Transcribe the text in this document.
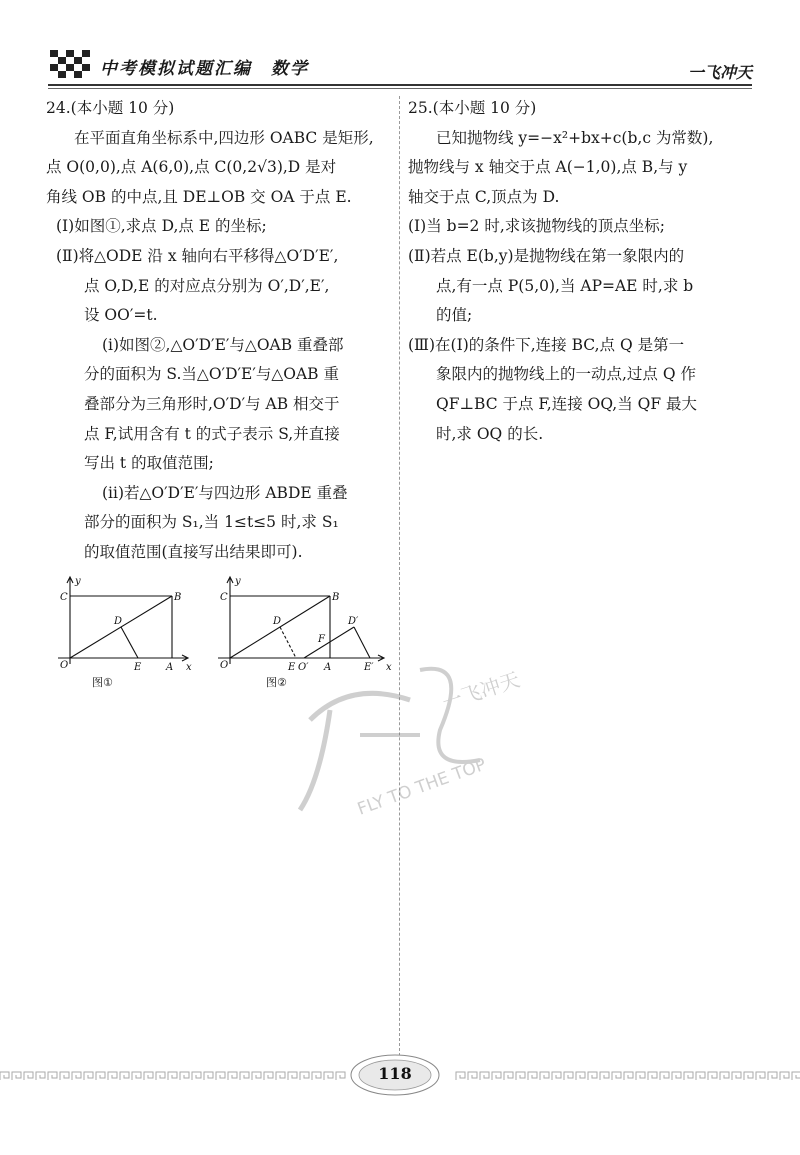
中考模拟试题汇编　数学	一飞冲天

24.(本小题 10 分)

在平面直角坐标系中,四边形 OABC 是矩形,

点 O(0,0),点 A(6,0),点 C(0,2√3),D 是对

角线 OB 的中点,且 DE⊥OB 交 OA 于点 E.

(Ⅰ)如图①,求点 D,点 E 的坐标;

(Ⅱ)将△ODE 沿 x 轴向右平移得△O′D′E′,

点 O,D,E 的对应点分别为 O′,D′,E′,

设 OO′=t.

(ⅰ)如图②,△O′D′E′与△OAB 重叠部

分的面积为 S.当△O′D′E′与△OAB 重

叠部分为三角形时,O′D′与 AB 相交于

点 F,试用含有 t 的式子表示 S,并直接

写出 t 的取值范围;

(ⅱ)若△O′D′E′与四边形 ABDE 重叠

部分的面积为 S₁,当 1≤t≤5 时,求 S₁

的取值范围(直接写出结果即可).

y
C	B
D
O	E A x
图①
y
C	B
D	D′
F
O	E O′ A	E′ x
图②

25.(本小题 10 分)

已知抛物线 y=−x²+bx+c(b,c 为常数),

抛物线与 x 轴交于点 A(−1,0),点 B,与 y

轴交于点 C,顶点为 D.

(Ⅰ)当 b=2 时,求该抛物线的顶点坐标;

(Ⅱ)若点 E(b,y)是抛物线在第一象限内的

点,有一点 P(5,0),当 AP=AE 时,求 b

的值;

(Ⅲ)在(Ⅰ)的条件下,连接 BC,点 Q 是第一

象限内的抛物线上的一动点,过点 Q 作

QF⊥BC 于点 F,连接 OQ,当 QF 最大

时,求 OQ 的长.

一飞冲天
FLY TO THE TOP
118
